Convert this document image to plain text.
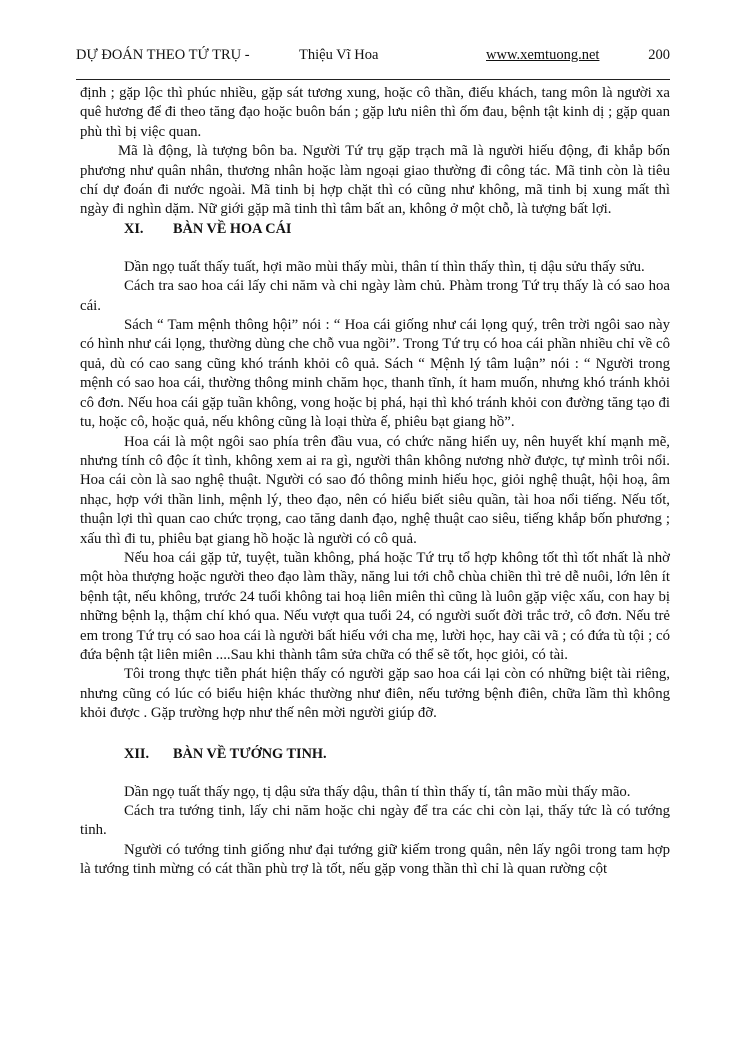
DỰ ĐOÁN THEO TỨ TRỤ -	Thiệu Vĩ Hoa	www.xemtuong.net	200

định ; gặp lộc thì phúc nhiều, gặp sát tương xung, hoặc cô thần, điếu khách, tang môn là người xa quê hương để đi theo tăng đạo hoặc buôn bán ; gặp lưu niên thì ốm đau, bệnh tật kinh dị ; gặp quan phù thì bị việc quan.

Mã là động, là tượng bôn ba. Người Tứ trụ gặp trạch mã là người hiếu động, đi khắp bốn phương như quân nhân, thương nhân hoặc làm ngoại giao thường đi công tác. Mã tinh còn là tiêu chí dự đoán đi nước ngoài. Mã tinh bị hợp chặt thì có cũng như không, mã tinh bị xung mất thì ngày đi nghìn dặm. Nữ giới gặp mã tinh thì tâm bất an, không ở một chỗ, là tượng bất lợi.

XI. BÀN VỀ HOA CÁI

Dần ngọ tuất thấy tuất, hợi mão mùi thấy mùi, thân tí thìn thấy thìn, tị dậu sửu thấy sửu.

Cách tra sao hoa cái lấy chi năm và chi ngày làm chủ. Phàm trong Tứ trụ thấy là có sao hoa cái.

Sách “ Tam mệnh thông hội” nói : “ Hoa cái giống như cái lọng quý, trên trời ngôi sao này có hình như cái lọng, thường dùng che chỗ vua ngồi”. Trong Tứ trụ có hoa cái phần nhiều chỉ về cô quả, dù có cao sang cũng khó tránh khỏi cô quả. Sách “ Mệnh lý tâm luận” nói : “ Người trong mệnh có sao hoa cái, thường thông minh chăm học, thanh tĩnh, ít ham muốn, nhưng khó tránh khỏi cô đơn. Nếu hoa cái gặp tuần không, vong hoặc bị phá, hại thì khó tránh khỏi con đường tăng tạo đi tu, hoặc cô, hoặc quả, nếu không cũng là loại thừa ế, phiêu bạt giang hồ”.

Hoa cái là một ngôi sao phía trên đầu vua, có chức năng hiển uy, nên huyết khí mạnh mẽ, nhưng tính cô độc ít tình, không xem ai ra gì, người thân không nương nhờ được, tự mình trôi nổi. Hoa cái còn là sao nghệ thuật. Người có sao đó thông minh hiếu học, giỏi nghệ thuật, hội hoạ, âm nhạc, hợp với thần linh, mệnh lý, theo đạo, nên có hiểu biết siêu quần, tài hoa nổi tiếng. Nếu tốt, thuận lợi thì quan cao chức trọng, cao tăng danh đạo, nghệ thuật cao siêu, tiếng khắp bốn phương ; xấu thì đi tu, phiêu bạt giang hồ hoặc là người có cô quả.

Nếu hoa cái gặp tử, tuyệt, tuần không, phá hoặc Tứ trụ tổ hợp không tốt thì tốt nhất là nhờ một hòa thượng hoặc người theo đạo làm thầy, năng lui tới chỗ chùa chiền thì trẻ dễ nuôi, lớn lên ít bệnh tật, nếu không, trước 24 tuổi không tai hoạ liên miên thì cũng là luôn gặp việc xấu, con hay bị những bệnh lạ, thậm chí khó qua. Nếu vượt qua tuổi 24, có người suốt đời trắc trở, cô đơn. Nếu trẻ em trong Tứ trụ có sao hoa cái là người bất hiếu với cha mẹ, lười học, hay cãi vã ; có đứa tù tội ; có đứa bệnh tật liên miên ....Sau khi thành tâm sửa chữa có thể sẽ tốt, học giỏi, có tài.

Tôi trong thực tiễn phát hiện thấy có người gặp sao hoa cái lại còn có những biệt tài riêng, nhưng cũng có lúc có biểu hiện khác thường như điên, nếu tưởng bệnh điên, chữa lầm thì không khỏi được . Gặp trường hợp như thế nên mời người giúp đỡ.

XII. BÀN VỀ TƯỚNG TINH.

Dần ngọ tuất thấy ngọ, tị dậu sửa thấy dậu, thân tí thìn thấy tí, tân mão mùi thấy mão.

Cách tra tướng tinh, lấy chi năm hoặc chi ngày để tra các chi còn lại, thấy tức là có tướng tinh.

Người có tướng tinh giống như đại tướng giữ kiếm trong quân, nên lấy ngôi trong tam hợp là tướng tinh mừng có cát thần phù trợ là tốt, nếu gặp vong thần thì chỉ là quan rường cột
